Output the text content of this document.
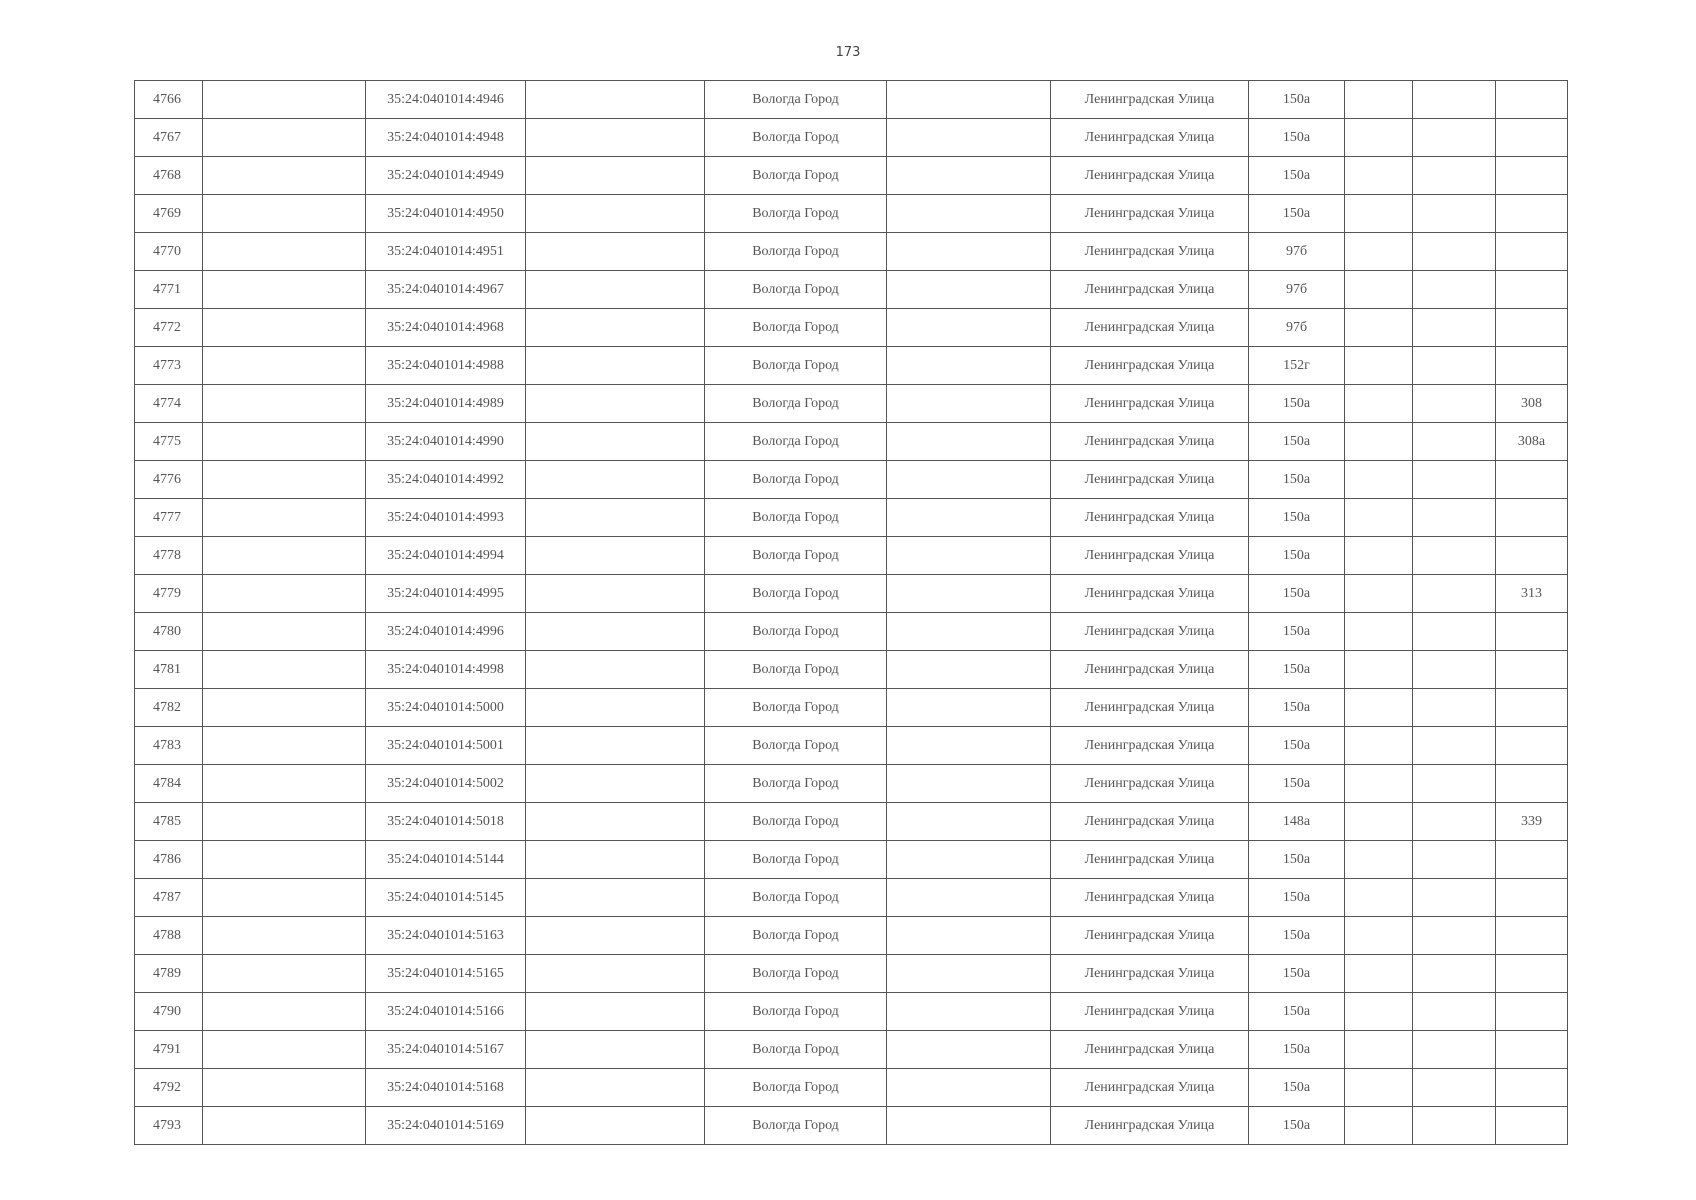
173
4766		35:24:0401014:4946		Вологда Город		Ленинградская Улица	150а			
4767		35:24:0401014:4948		Вологда Город		Ленинградская Улица	150а			
4768		35:24:0401014:4949		Вологда Город		Ленинградская Улица	150а			
4769		35:24:0401014:4950		Вологда Город		Ленинградская Улица	150а			
4770		35:24:0401014:4951		Вологда Город		Ленинградская Улица	97б			
4771		35:24:0401014:4967		Вологда Город		Ленинградская Улица	97б			
4772		35:24:0401014:4968		Вологда Город		Ленинградская Улица	97б			
4773		35:24:0401014:4988		Вологда Город		Ленинградская Улица	152г			
4774		35:24:0401014:4989		Вологда Город		Ленинградская Улица	150а			308
4775		35:24:0401014:4990		Вологда Город		Ленинградская Улица	150а			308а
4776		35:24:0401014:4992		Вологда Город		Ленинградская Улица	150а			
4777		35:24:0401014:4993		Вологда Город		Ленинградская Улица	150а			
4778		35:24:0401014:4994		Вологда Город		Ленинградская Улица	150а			
4779		35:24:0401014:4995		Вологда Город		Ленинградская Улица	150а			313
4780		35:24:0401014:4996		Вологда Город		Ленинградская Улица	150а			
4781		35:24:0401014:4998		Вологда Город		Ленинградская Улица	150а			
4782		35:24:0401014:5000		Вологда Город		Ленинградская Улица	150а			
4783		35:24:0401014:5001		Вологда Город		Ленинградская Улица	150а			
4784		35:24:0401014:5002		Вологда Город		Ленинградская Улица	150а			
4785		35:24:0401014:5018		Вологда Город		Ленинградская Улица	148а			339
4786		35:24:0401014:5144		Вологда Город		Ленинградская Улица	150а			
4787		35:24:0401014:5145		Вологда Город		Ленинградская Улица	150а			
4788		35:24:0401014:5163		Вологда Город		Ленинградская Улица	150а			
4789		35:24:0401014:5165		Вологда Город		Ленинградская Улица	150а			
4790		35:24:0401014:5166		Вологда Город		Ленинградская Улица	150а			
4791		35:24:0401014:5167		Вологда Город		Ленинградская Улица	150а			
4792		35:24:0401014:5168		Вологда Город		Ленинградская Улица	150а			
4793		35:24:0401014:5169		Вологда Город		Ленинградская Улица	150а			
